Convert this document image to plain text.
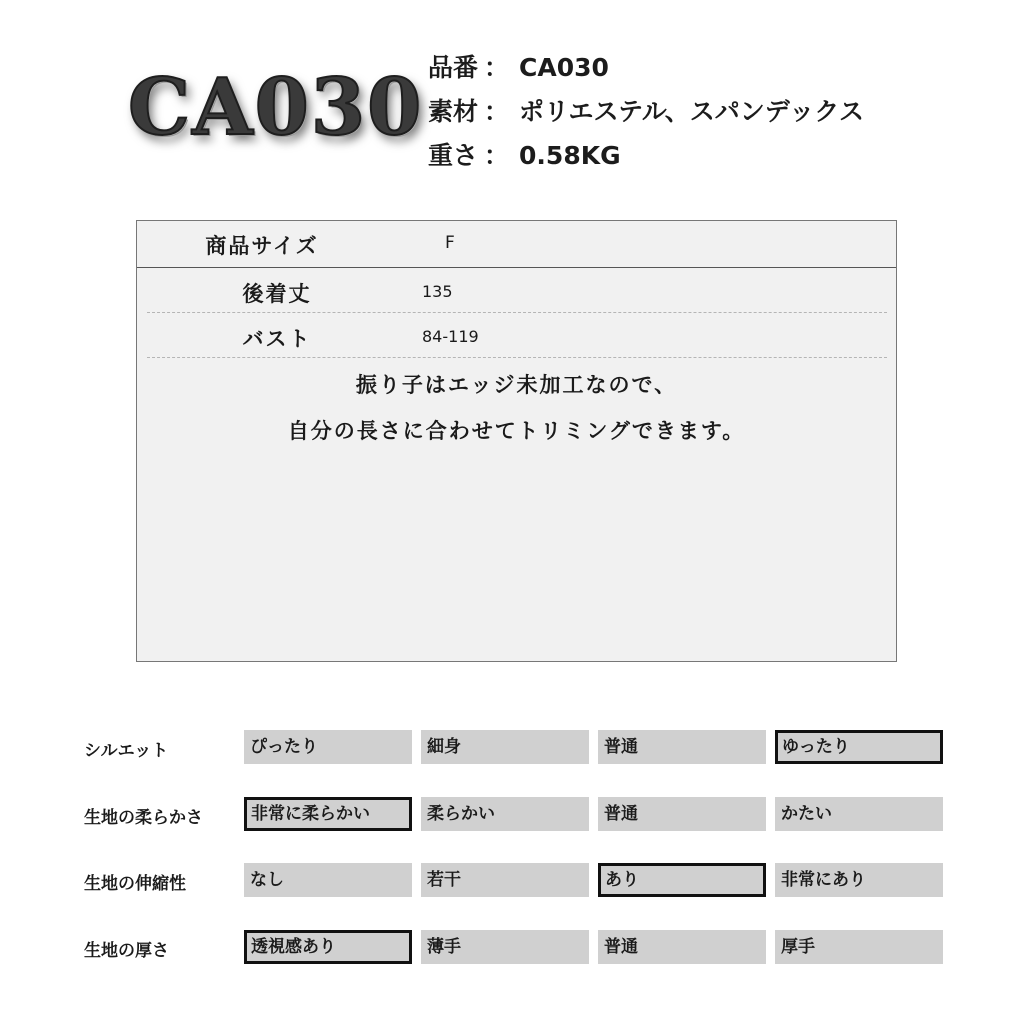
CA030 品番 ： CA030
素材 ： ポリエステル、スパンデックス
重さ ： 0.58KG
商品サイズ	F
後着丈	135
バスト	84-119
振り子はエッジ未加工なので、
自分の長さに合わせてトリミングできます。
シルエット	ぴったり	細身	普通	ゆったり
生地の柔らかさ	非常に柔らかい	柔らかい	普通	かたい
生地の伸縮性	なし	若干	あり	非常にあり
生地の厚さ	透視感あり	薄手	普通	厚手
